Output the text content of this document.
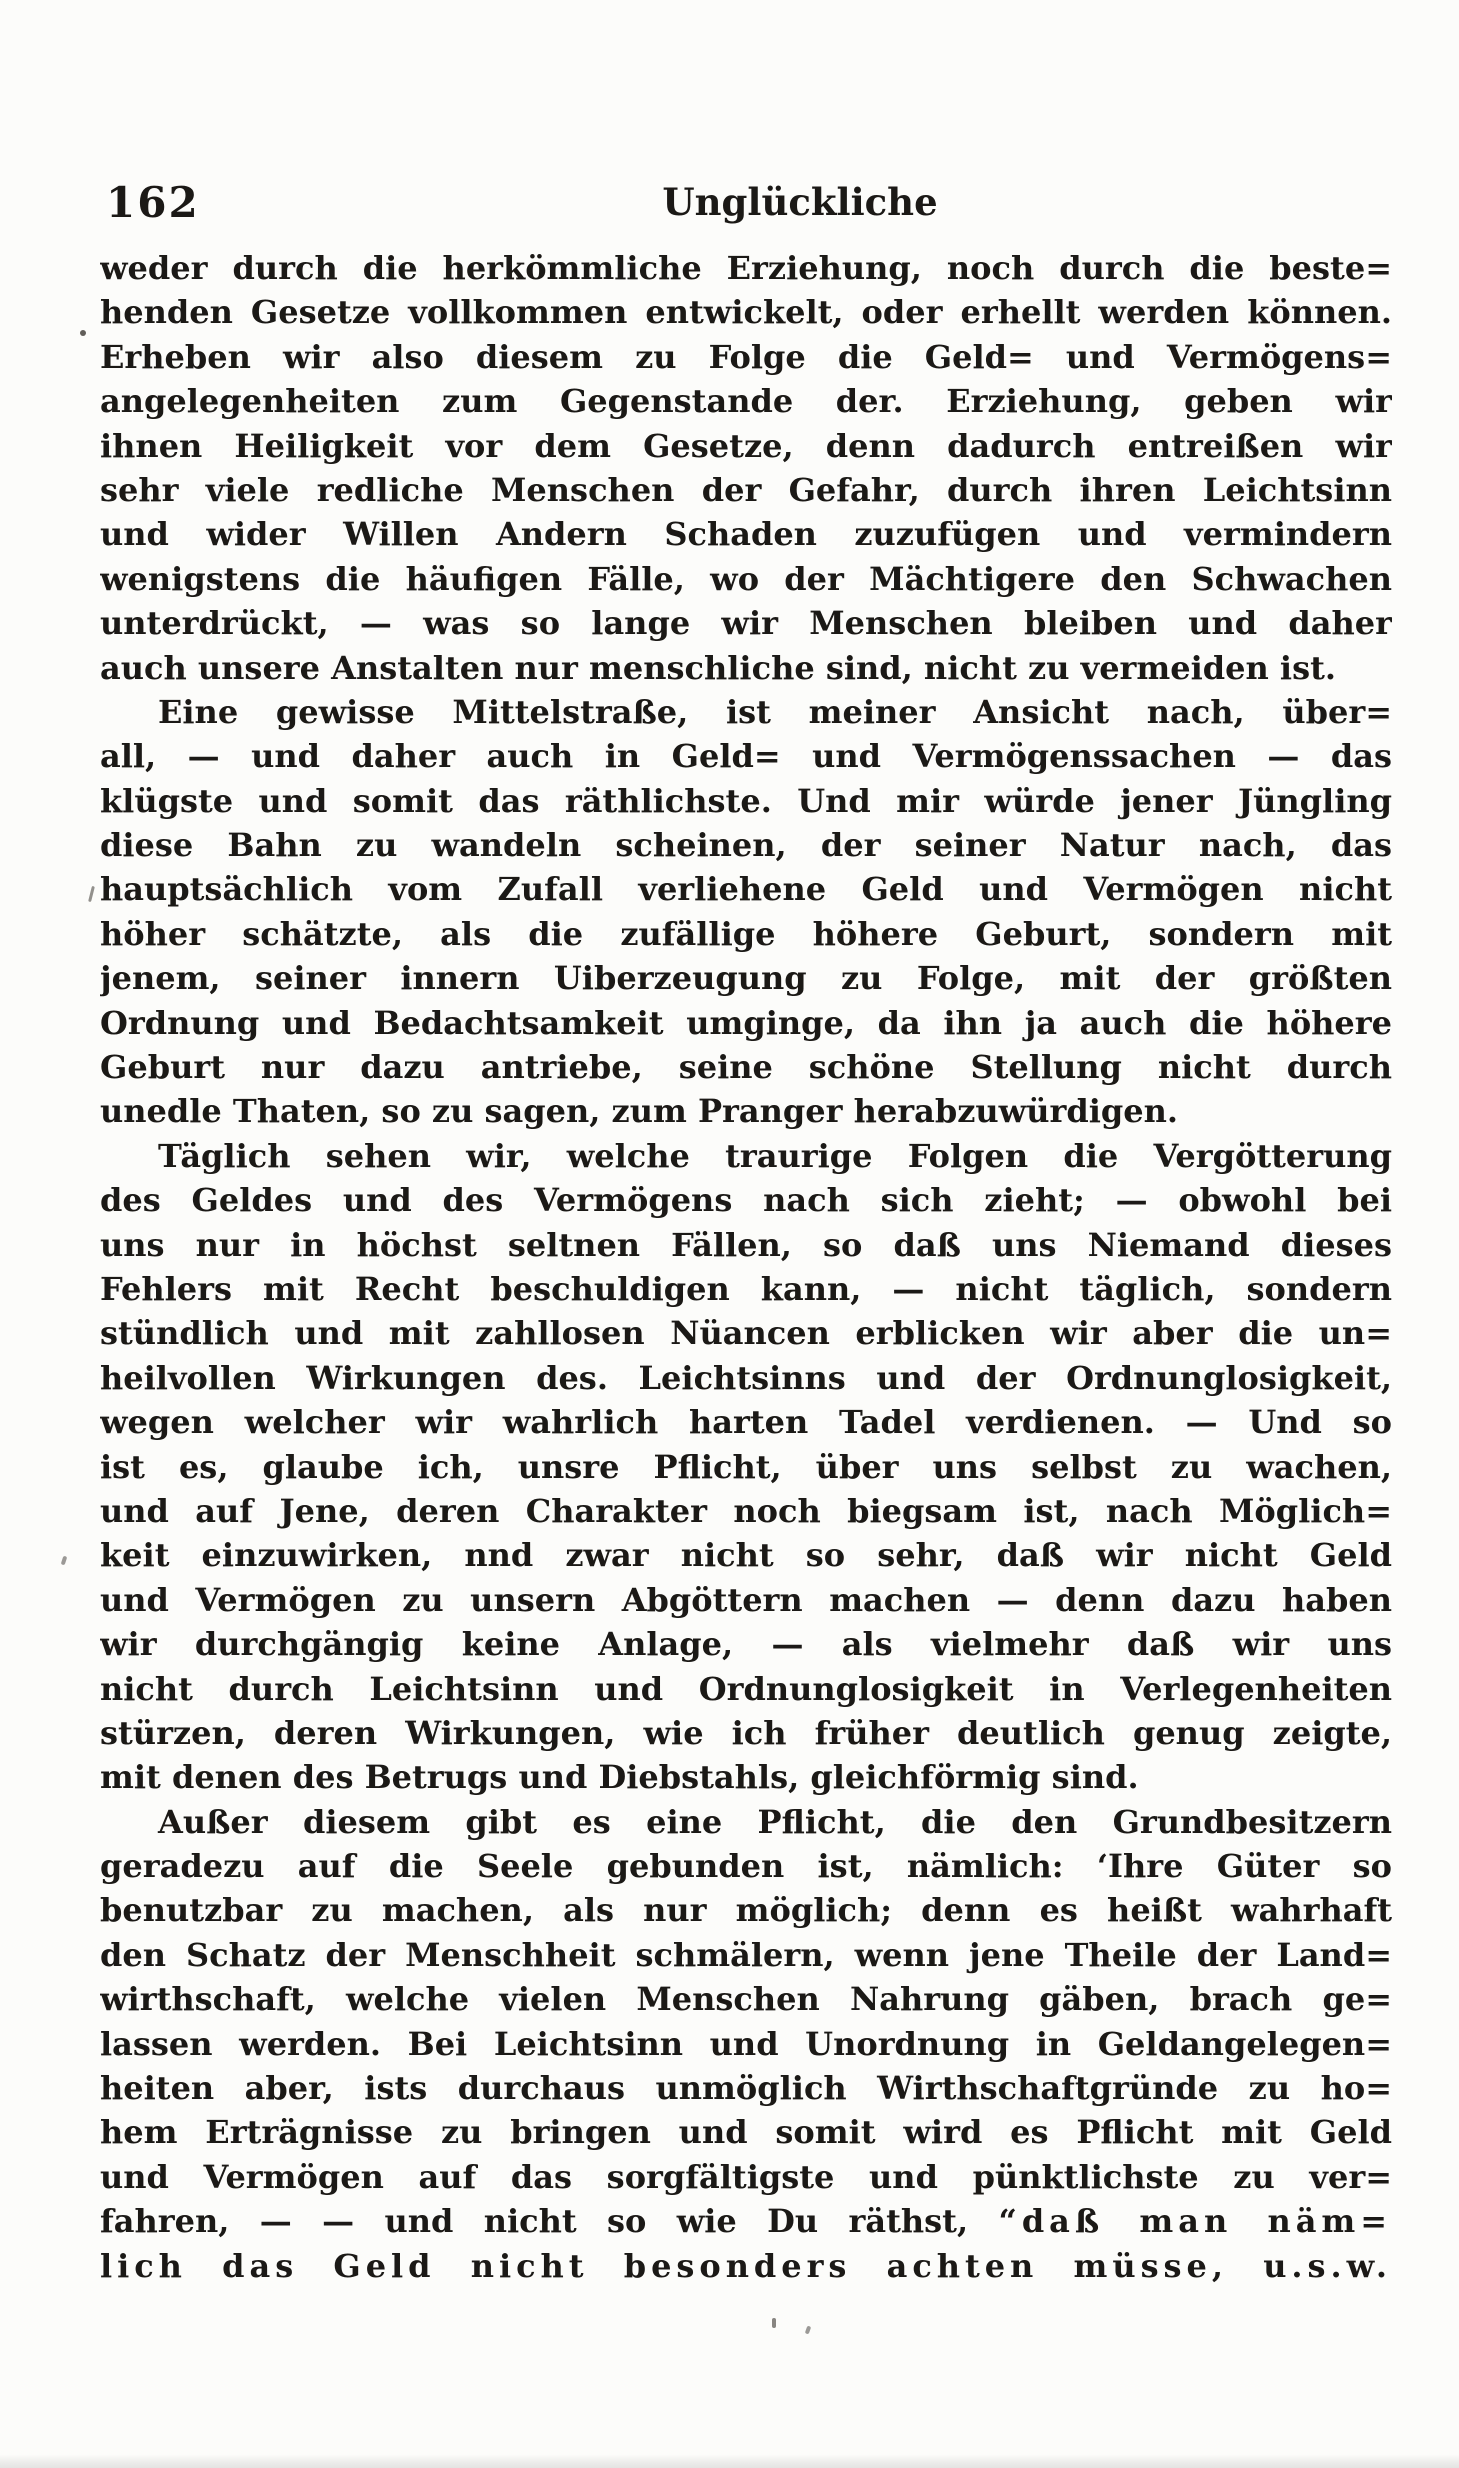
162	Unglückliche
weder durch die herkömmliche Erziehung, noch durch die beste=
henden Gesetze vollkommen entwickelt, oder erhellt werden können.
Erheben wir also diesem zu Folge die Geld= und Vermögens=
angelegenheiten zum Gegenstande der. Erziehung, geben wir
ihnen Heiligkeit vor dem Gesetze, denn dadurch entreißen wir
sehr viele redliche Menschen der Gefahr, durch ihren Leichtsinn
und wider Willen Andern Schaden zuzufügen und vermindern
wenigstens die häufigen Fälle, wo der Mächtigere den Schwachen
unterdrückt, — was so lange wir Menschen bleiben und daher
auch unsere Anstalten nur menschliche sind, nicht zu vermeiden ist.
Eine gewisse Mittelstraße, ist meiner Ansicht nach, über=
all, — und daher auch in Geld= und Vermögenssachen — das
klügste und somit das räthlichste. Und mir würde jener Jüngling
diese Bahn zu wandeln scheinen, der seiner Natur nach, das
hauptsächlich vom Zufall verliehene Geld und Vermögen nicht
höher schätzte, als die zufällige höhere Geburt, sondern mit
jenem, seiner innern Uiberzeugung zu Folge, mit der größten
Ordnung und Bedachtsamkeit umginge, da ihn ja auch die höhere
Geburt nur dazu antriebe, seine schöne Stellung nicht durch
unedle Thaten, so zu sagen, zum Pranger herabzuwürdigen.
Täglich sehen wir, welche traurige Folgen die Vergötterung
des Geldes und des Vermögens nach sich zieht; — obwohl bei
uns nur in höchst seltnen Fällen, so daß uns Niemand dieses
Fehlers mit Recht beschuldigen kann, — nicht täglich, sondern
stündlich und mit zahllosen Nüancen erblicken wir aber die un=
heilvollen Wirkungen des. Leichtsinns und der Ordnunglosigkeit,
wegen welcher wir wahrlich harten Tadel verdienen. — Und so
ist es, glaube ich, unsre Pflicht, über uns selbst zu wachen,
und auf Jene, deren Charakter noch biegsam ist, nach Möglich=
keit einzuwirken, nnd zwar nicht so sehr, daß wir nicht Geld
und Vermögen zu unsern Abgöttern machen — denn dazu haben
wir durchgängig keine Anlage, — als vielmehr daß wir uns
nicht durch Leichtsinn und Ordnunglosigkeit in Verlegenheiten
stürzen, deren Wirkungen, wie ich früher deutlich genug zeigte,
mit denen des Betrugs und Diebstahls, gleichförmig sind.
Außer diesem gibt es eine Pflicht, die den Grundbesitzern
geradezu auf die Seele gebunden ist, nämlich: ‘Ihre Güter so
benutzbar zu machen, als nur möglich; denn es heißt wahrhaft
den Schatz der Menschheit schmälern, wenn jene Theile der Land=
wirthschaft, welche vielen Menschen Nahrung gäben, brach ge=
lassen werden. Bei Leichtsinn und Unordnung in Geldangelegen=
heiten aber, ists durchaus unmöglich Wirthschaftgründe zu ho=
hem Erträgnisse zu bringen und somit wird es Pflicht mit Geld
und Vermögen auf das sorgfältigste und pünktlichste zu ver=
fahren, — — und nicht so wie Du räthst, “daß man näm=
lich das Geld nicht besonders achten müsse, u.s.w.
